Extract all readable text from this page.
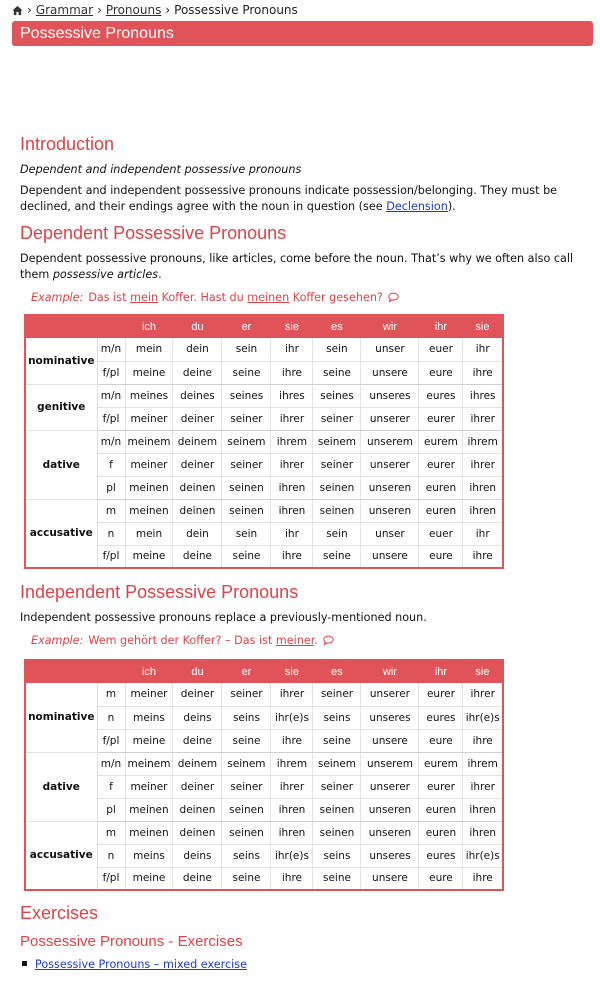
› Grammar › Pronouns › Possessive Pronouns
Possessive Pronouns
Introduction

Dependent and independent possessive pronouns

Dependent and independent possessive pronouns indicate possession/belonging. They must be declined, and their endings agree with the noun in question (see Declension).

Dependent Possessive Pronouns

Dependent possessive pronouns, like articles, come before the noun. That’s why we often also call them possessive articles.

Example: Das ist mein Koffer. Hast du meinen Koffer gesehen?

		ich	du	er	sie	es	wir	ihr	sie
nominative	m/n	mein	dein	sein	ihr	sein	unser	euer	ihr
	f/pl	meine	deine	seine	ihre	seine	unsere	eure	ihre
genitive	m/n	meines	deines	seines	ihres	seines	unseres	eures	ihres
	f/pl	meiner	deiner	seiner	ihrer	seiner	unserer	eurer	ihrer
dative	m/n	meinem	deinem	seinem	ihrem	seinem	unserem	eurem	ihrem
	f	meiner	deiner	seiner	ihrer	seiner	unserer	eurer	ihrer
	pl	meinen	deinen	seinen	ihren	seinen	unseren	euren	ihren
accusative	m	meinen	deinen	seinen	ihren	seinen	unseren	euren	ihren
	n	mein	dein	sein	ihr	sein	unser	euer	ihr
	f/pl	meine	deine	seine	ihre	seine	unsere	eure	ihre
Independent Possessive Pronouns

Independent possessive pronouns replace a previously-mentioned noun.

Example: Wem gehört der Koffer? – Das ist meiner.

		ich	du	er	sie	es	wir	ihr	sie
nominative	m	meiner	deiner	seiner	ihrer	seiner	unserer	eurer	ihrer
	n	meins	deins	seins	ihr(e)s	seins	unseres	eures	ihr(e)s
	f/pl	meine	deine	seine	ihre	seine	unsere	eure	ihre
dative	m/n	meinem	deinem	seinem	ihrem	seinem	unserem	eurem	ihrem
	f	meiner	deiner	seiner	ihrer	seiner	unserer	eurer	ihrer
	pl	meinen	deinen	seinen	ihren	seinen	unseren	euren	ihren
accusative	m	meinen	deinen	seinen	ihren	seinen	unseren	euren	ihren
	n	meins	deins	seins	ihr(e)s	seins	unseres	eures	ihr(e)s
	f/pl	meine	deine	seine	ihre	seine	unsere	eure	ihre
Exercises
Possessive Pronouns - Exercises
Possessive Pronouns – mixed exercise
